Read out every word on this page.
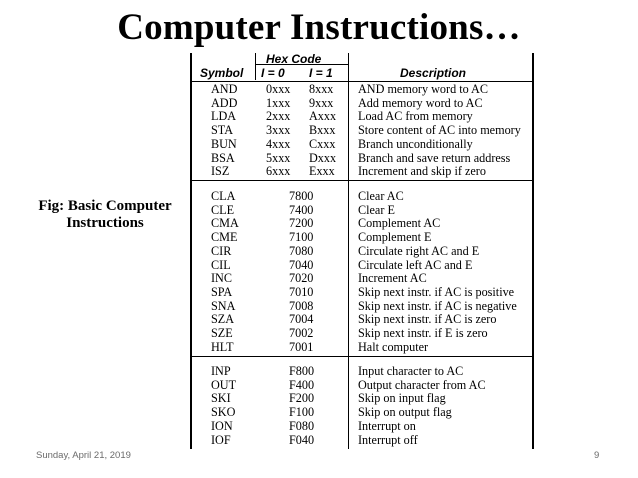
Computer Instructions…
Fig: Basic Computer
Instructions
Hex Code
Symbol I = 0 I = 1	Description
AND 0xxx 8xxx AND memory word to AC
ADD 1xxx 9xxx Add memory word to AC
LDA 2xxx Axxx Load AC from memory
STA	3xxx Bxxx Store content of AC into memory
BUN 4xxx Cxxx Branch unconditionally
BSA	5xxx Dxxx Branch and save return address
ISZ	6xxx Exxx Increment and skip if zero
CLA	7800	Clear AC
CLE	7400	Clear E
CMA	7200	Complement AC
CME	7100	Complement E
CIR	7080	Circulate right AC and E
CIL	7040	Circulate left AC and E
INC	7020	Increment AC
SPA	7010	Skip next instr. if AC is positive
SNA	7008	Skip next instr. if AC is negative
SZA	7004	Skip next instr. if AC is zero
SZE	7002	Skip next instr. if E is zero
HLT	7001	Halt computer
INP	F800	Input character to AC
OUT	F400	Output character from AC
SKI	F200	Skip on input flag
SKO	F100	Skip on output flag
ION	F080	Interrupt on
IOF	F040	Interrupt off
Sunday, April 21, 2019	9
